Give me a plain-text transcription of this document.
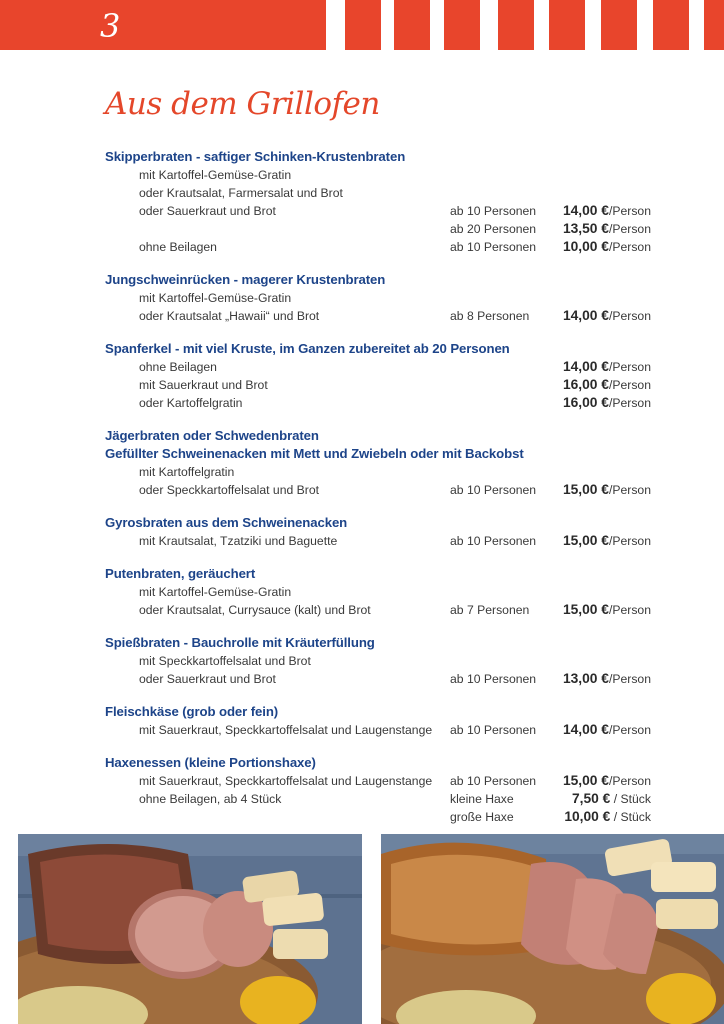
3
Aus dem Grillofen
Skipperbraten - saftiger Schinken-Krustenbraten
mit Kartoffel-Gemüse-Gratin
oder Krautsalat, Farmersalat und Brot
oder Sauerkraut und Brot	ab 10 Personen 14,00 €/Person
ab 20 Personen 13,50 €/Person
ohne Beilagen	ab 10 Personen 10,00 €/Person
Jungschweinrücken - magerer Krustenbraten
mit Kartoffel-Gemüse-Gratin
oder Krautsalat „Hawaii“ und Brot	ab 8 Personen 14,00 €/Person
Spanferkel - mit viel Kruste, im Ganzen zubereitet ab 20 Personen
ohne Beilagen	14,00 €/Person
mit Sauerkraut und Brot	16,00 €/Person
oder Kartoffelgratin	16,00 €/Person
Jägerbraten oder Schwedenbraten
Gefüllter Schweinenacken mit Mett und Zwiebeln oder mit Backobst
mit Kartoffelgratin
oder Speckkartoffelsalat und Brot	ab 10 Personen 15,00 €/Person
Gyrosbraten aus dem Schweinenacken
mit Krautsalat, Tzatziki und Baguette	ab 10 Personen 15,00 €/Person
Putenbraten, geräuchert
mit Kartoffel-Gemüse-Gratin
oder Krautsalat, Currysauce (kalt) und Brot	ab 7 Personen 15,00 €/Person
Spießbraten - Bauchrolle mit Kräuterfüllung
mit Speckkartoffelsalat und Brot
oder Sauerkraut und Brot	ab 10 Personen 13,00 €/Person
Fleischkäse (grob oder fein)
mit Sauerkraut, Speckkartoffelsalat und Laugenstange ab 10 Personen 14,00 €/Person
Haxenessen (kleine Portionshaxe)
mit Sauerkraut, Speckkartoffelsalat und Laugenstange ab 10 Personen 15,00 €/Person
ohne Beilagen, ab 4 Stück	kleine Haxe	7,50 € / Stück
große Haxe	10,00 € / Stück
